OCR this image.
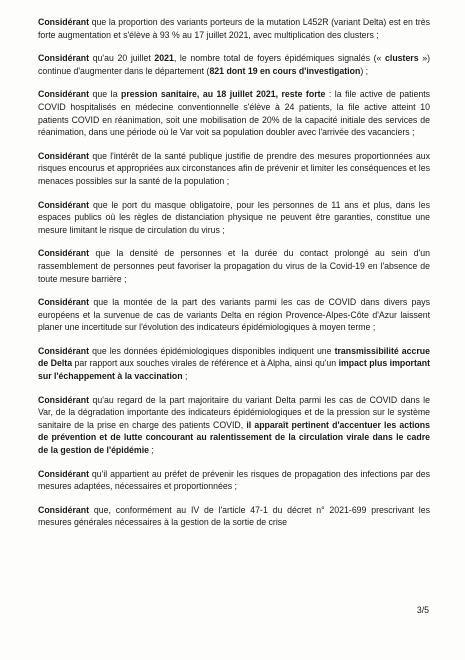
Considérant que la proportion des variants porteurs de la mutation L452R (variant Delta) est en très forte augmentation et s'élève à 93 % au 17 juillet 2021, avec multiplication des clusters ;

Considérant qu'au 20 juillet 2021, le nombre total de foyers épidémiques signalés (« clusters ») continue d'augmenter dans le département (821 dont 19 en cours d'investigation) ;

Considérant que la pression sanitaire, au 18 juillet 2021, reste forte : la file active de patients COVID hospitalisés en médecine conventionnelle s'élève à 24 patients, la file active atteint 10 patients COVID en réanimation, soit une mobilisation de 20% de la capacité initiale des services de réanimation, dans une période où le Var voit sa population doubler avec l'arrivée des vacanciers ;

Considérant que l'intérêt de la santé publique justifie de prendre des mesures proportionnées aux risques encourus et appropriées aux circonstances afin de prévenir et limiter les conséquences et les menaces possibles sur la santé de la population ;

Considérant que le port du masque obligatoire, pour les personnes de 11 ans et plus, dans les espaces publics où les règles de distanciation physique ne peuvent être garanties, constitue une mesure limitant le risque de circulation du virus ;

Considérant que la densité de personnes et la durée du contact prolongé au sein d'un rassemblement de personnes peut favoriser la propagation du virus de la Covid-19 en l'absence de toute mesure barrière ;

Considérant que la montée de la part des variants parmi les cas de COVID dans divers pays européens et la survenue de cas de variants Delta en région Provence-Alpes-Côte d'Azur laissent planer une incertitude sur l'évolution des indicateurs épidémiologiques à moyen terme ;

Considérant que les données épidémiologiques disponibles indiquent une transmissibilité accrue de Delta par rapport aux souches virales de référence et à Alpha, ainsi qu'un impact plus important sur l'échappement à la vaccination ;

Considérant qu'au regard de la part majoritaire du variant Delta parmi les cas de COVID dans le Var, de la dégradation importante des indicateurs épidémiologiques et de la pression sur le système sanitaire de la prise en charge des patients COVID, il apparaît pertinent d'accentuer les actions de prévention et de lutte concourant au ralentissement de la circulation virale dans le cadre de la gestion de l'épidémie ;

Considérant qu'il appartient au préfet de prévenir les risques de propagation des infections par des mesures adaptées, nécessaires et proportionnées ;

Considérant que, conformément au IV de l'article 47-1 du décret n° 2021-699 prescrivant les mesures générales nécessaires à la gestion de la sortie de crise

3/5
